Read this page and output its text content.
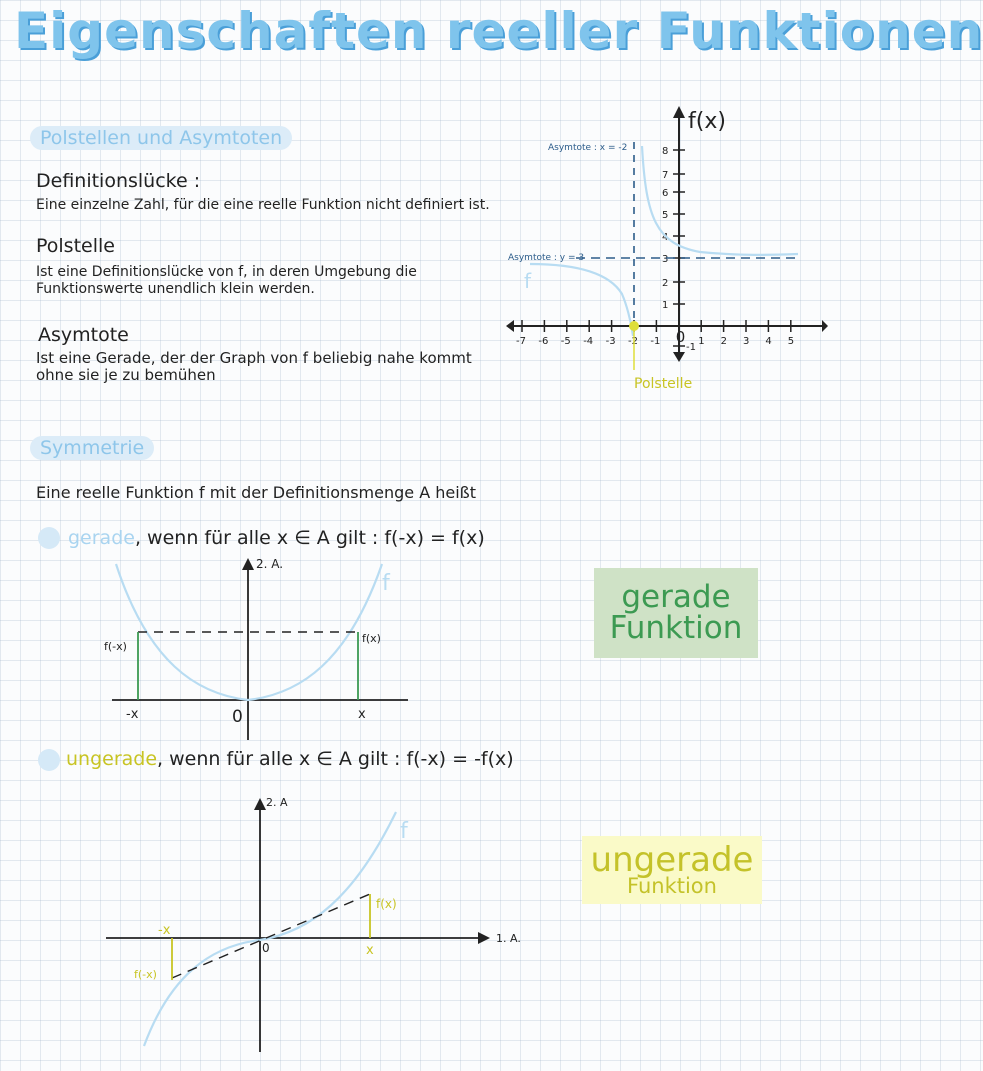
Eigenschaften reeller Funktionen
Polstellen und Asymtoten
Definitionslücke :
Eine einzelne Zahl, für die eine reelle Funktion nicht definiert ist.
Polstelle
Ist eine Definitionslücke von f, in deren Umgebung die Funktionswerte unendlich klein werden.
Asymtote
Ist eine Gerade, der der Graph von f beliebig nahe kommt ohne sie je zu bemühen
-7 -6 -5 -4 -3 -2 -1 0 1 2 3 4 5
8
7
6
5
4
3
2
1
-1
f(x)
Asymtote : x = -2
Asymtote : y = 3
f
Polstelle
Symmetrie
Eine reelle Funktion f mit der Definitionsmenge A heißt
gerade, wenn für alle x ∈ A gilt : f(-x) = f(x)
2. A.
f
f(-x)
f(x)
-x	0	x
gerade
Funktion
ungerade, wenn für alle x ∈ A gilt : f(-x) = -f(x)
2. A
1. A.
f
f(-x)
f(x)
-x
0	x
ungerade
Funktion
